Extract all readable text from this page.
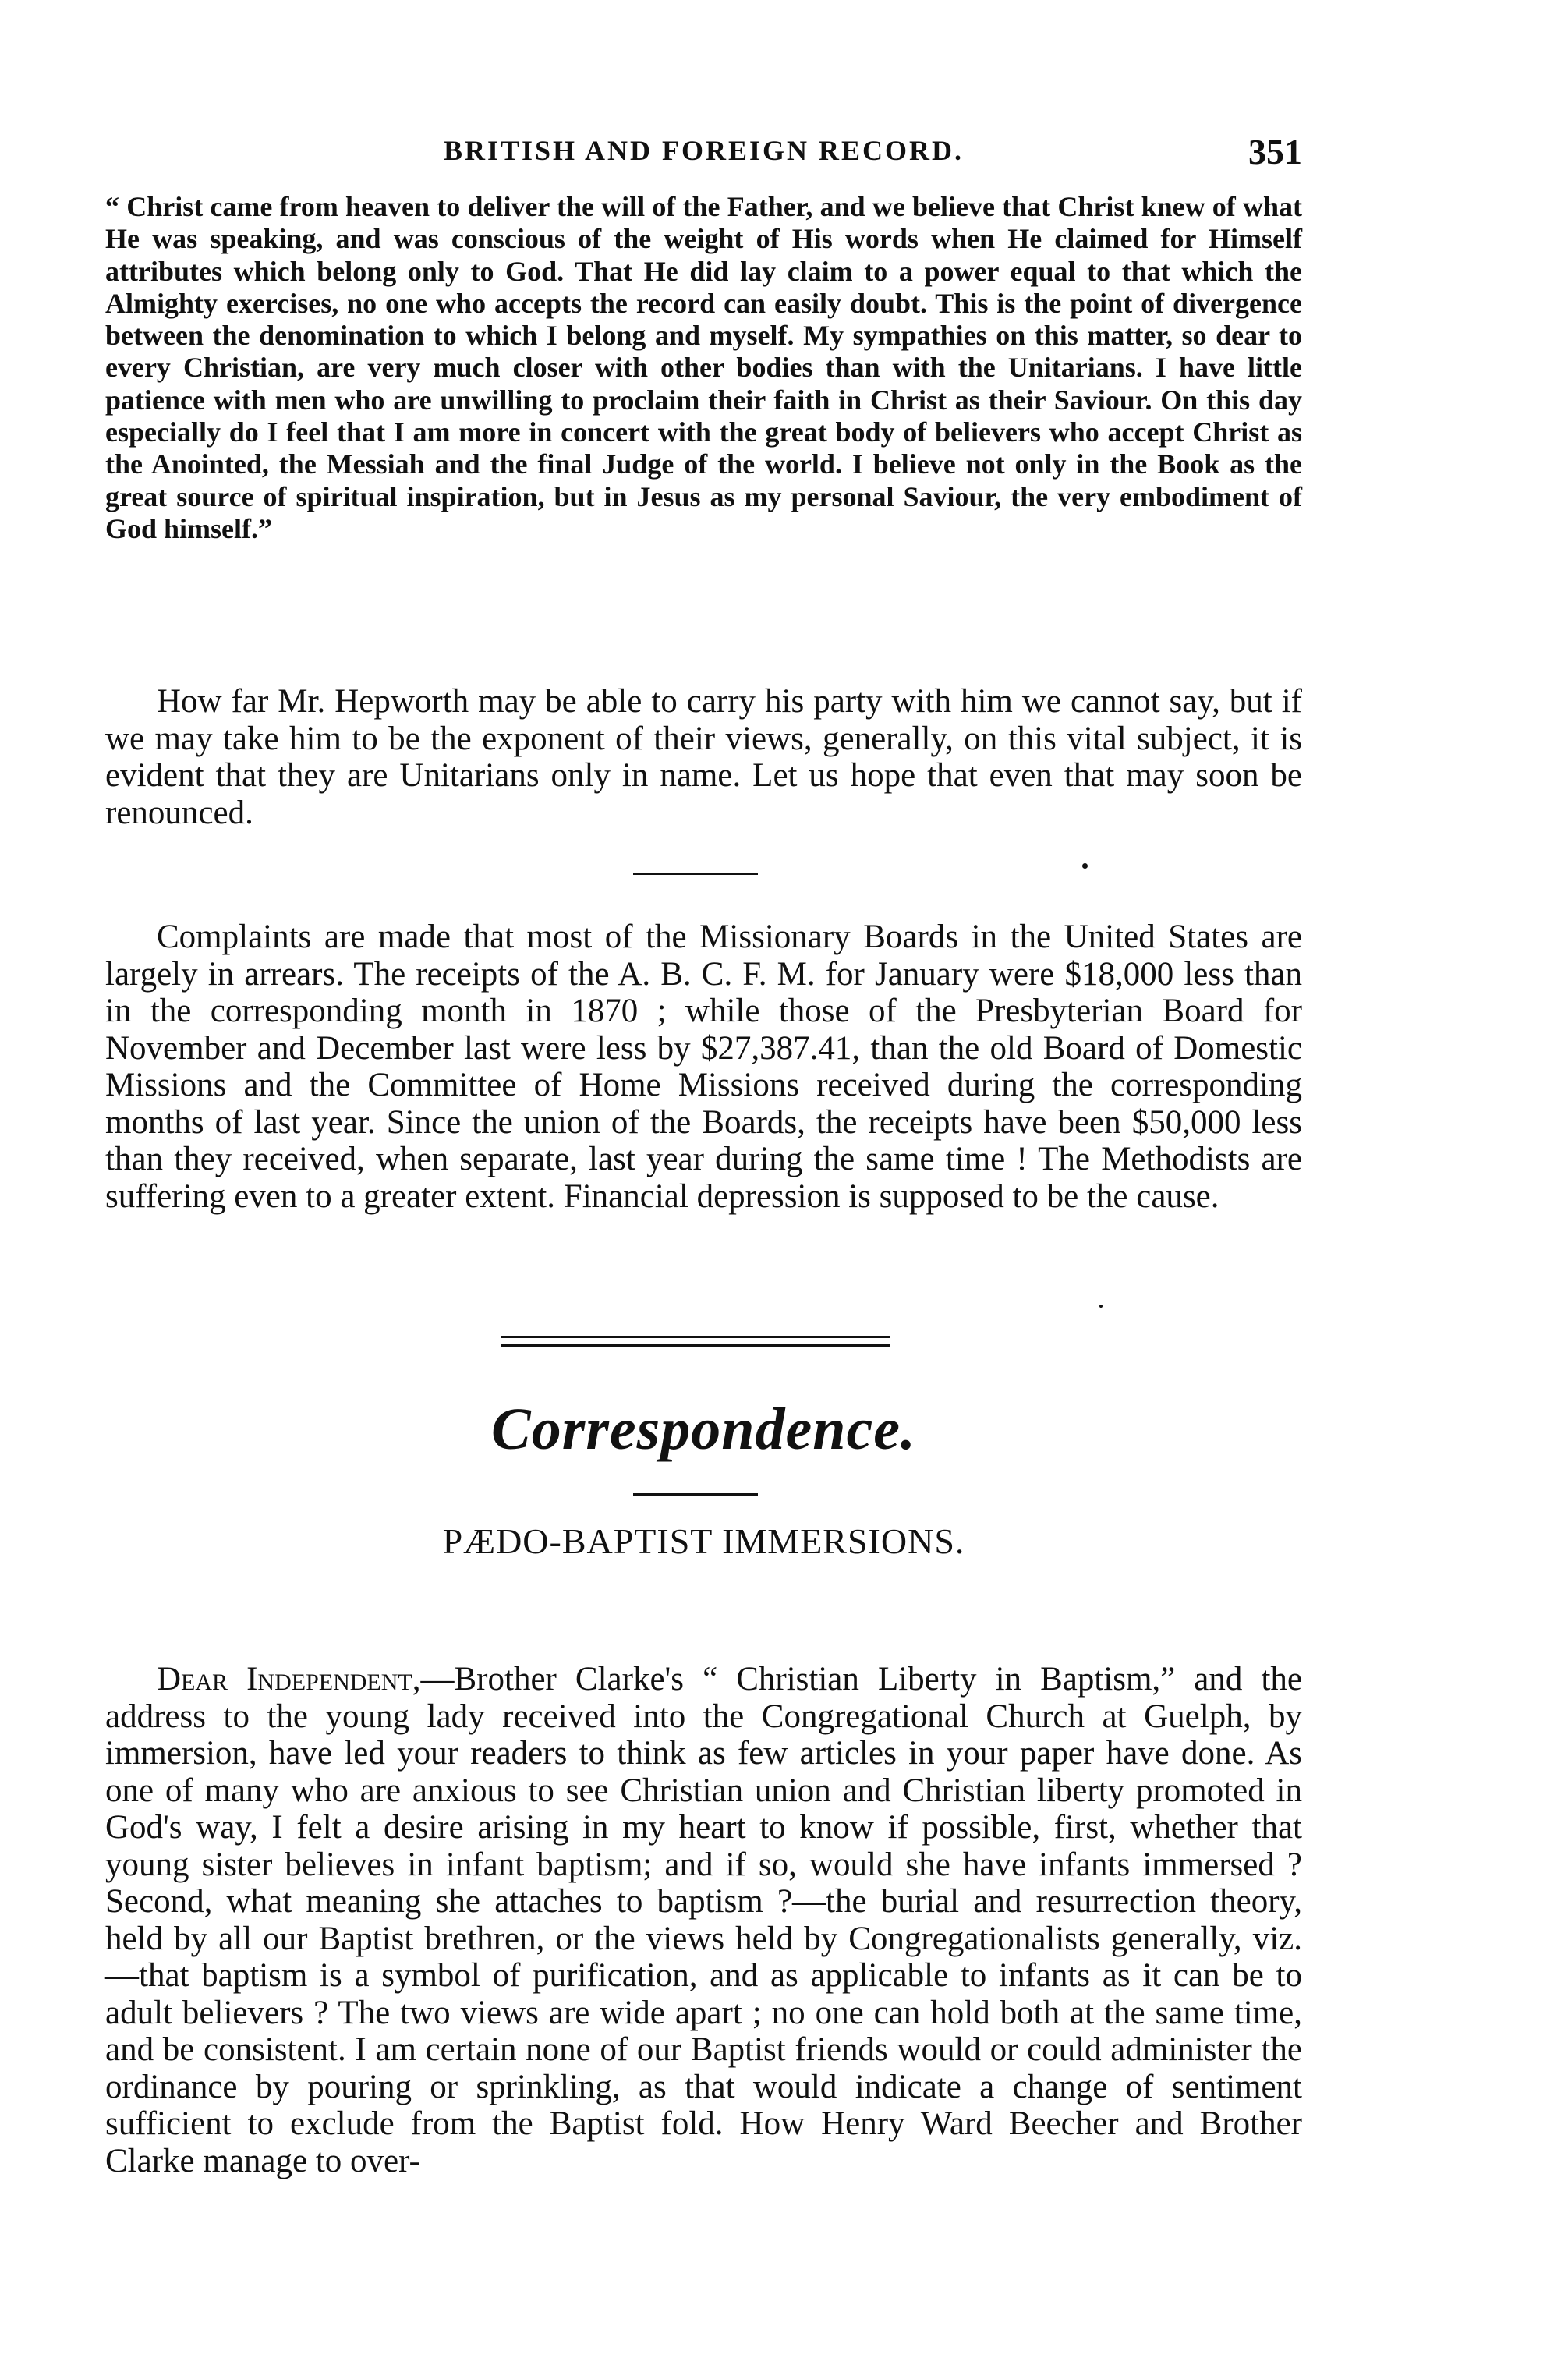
BRITISH AND FOREIGN RECORD.	351
“ Christ came from heaven to deliver the will of the Father, and we believe that Christ knew of what He was speaking, and was conscious of the weight of His words when He claimed for Himself attributes which belong only to God. That He did lay claim to a power equal to that which the Almighty exercises, no one who accepts the record can easily doubt. This is the point of divergence between the denomination to which I belong and myself. My sympathies on this matter, so dear to every Christian, are very much closer with other bodies than with the Unitarians. I have little patience with men who are unwilling to proclaim their faith in Christ as their Saviour. On this day especially do I feel that I am more in concert with the great body of believers who accept Christ as the Anointed, the Messiah and the final Judge of the world. I believe not only in the Book as the great source of spiritual inspiration, but in Jesus as my personal Saviour, the very embodiment of God himself.”
How far Mr. Hepworth may be able to carry his party with him we cannot say, but if we may take him to be the exponent of their views, generally, on this vital subject, it is evident that they are Unitarians only in name. Let us hope that even that may soon be renounced.
Complaints are made that most of the Missionary Boards in the United States are largely in arrears. The receipts of the A. B. C. F. M. for January were $18,000 less than in the corresponding month in 1870 ; while those of the Presbyterian Board for November and December last were less by $27,387.41, than the old Board of Domestic Missions and the Committee of Home Missions received during the corresponding months of last year. Since the union of the Boards, the receipts have been $50,000 less than they received, when separate, last year during the same time ! The Methodists are suffering even to a greater extent. Financial depression is supposed to be the cause.
Correspondence.
PÆDO-BAPTIST IMMERSIONS.
Dear Independent,—Brother Clarke's “ Christian Liberty in Baptism,” and the address to the young lady received into the Congregational Church at Guelph, by immersion, have led your readers to think as few articles in your paper have done. As one of many who are anxious to see Christian union and Christian liberty promoted in God's way, I felt a desire arising in my heart to know if possible, first, whether that young sister believes in infant baptism; and if so, would she have infants immersed ? Second, what meaning she attaches to baptism ?—the burial and resurrection theory, held by all our Baptist brethren, or the views held by Congregationalists generally, viz.—that baptism is a symbol of purification, and as applicable to infants as it can be to adult believers ? The two views are wide apart ; no one can hold both at the same time, and be consistent. I am certain none of our Baptist friends would or could administer the ordinance by pouring or sprinkling, as that would indicate a change of sentiment sufficient to exclude from the Baptist fold. How Henry Ward Beecher and Brother Clarke manage to over-
